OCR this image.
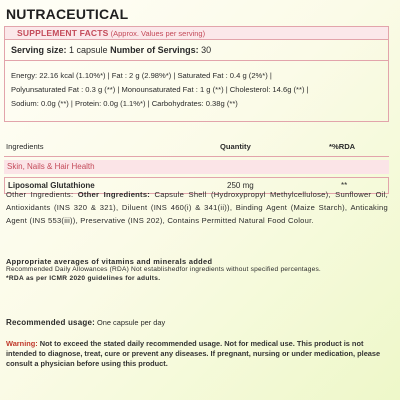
NUTRACEUTICAL
SUPPLEMENT FACTS (Approx. Values per serving)
Serving size: 1 capsule Number of Servings: 30
Energy: 22.16 kcal (1.10%*) | Fat : 2 g (2.98%*) | Saturated Fat : 0.4 g (2%*) |
Polyunsaturated Fat : 0.3 g (**) | Monounsaturated Fat : 1 g (**) | Cholesterol: 14.6g (**) |
Sodium: 0.0g (**) | Protein: 0.0g (1.1%*) | Carbohydrates: 0.38g (**)
Ingredients	Quantity	*%RDA
Skin, Nails & Hair Health
Liposomal Glutathione	250 mg	**
Other Ingredients: Other Ingredients: Capsule Shell (Hydroxypropyl Methylcellulose), Sunflower Oil, Antioxidants (INS 320 & 321), Diluent (INS 460(i) & 341(ii)), Binding Agent (Maize Starch), Anticaking Agent (INS 553(iii)), Preservative (INS 202), Contains Permitted Natural Food Colour.
Appropriate averages of vitamins and minerals added
Recommended Daily Allowances (RDA) Not establishedfor ingredients without specified percentages.
*RDA as per ICMR 2020 guidelines for adults.
Recommended usage: One capsule per day
Warning: Not to exceed the stated daily recommended usage. Not for medical use. This product is not intended to diagnose, treat, cure or prevent any diseases. If pregnant, nursing or under medication, please consult a physician before using this product.
